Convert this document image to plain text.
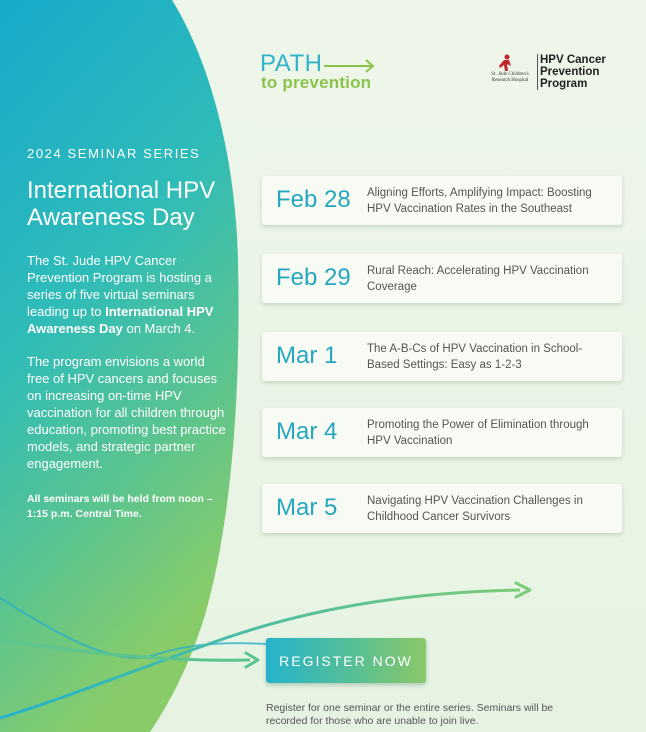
PATH
to prevention	St. Jude Children's Research Hospital
HPV Cancer
Prevention
Program
2024 SEMINAR SERIES
International HPV Awareness Day
The St. Jude HPV Cancer Prevention Program is hosting a series of five virtual seminars leading up to International HPV Awareness Day on March 4.
The program envisions a world free of HPV cancers and focuses on increasing on-time HPV vaccination for all children through education, promoting best practice models, and strategic partner engagement.
All seminars will be held from noon – 1:15 p.m. Central Time.
Feb 28 Aligning Efforts, Amplifying Impact: Boosting HPV Vaccination Rates in the Southeast
Feb 29 Rural Reach: Accelerating HPV Vaccination Coverage
Mar 1	The A-B-Cs of HPV Vaccination in School-Based Settings: Easy as 1-2-3
Mar 4	Promoting the Power of Elimination through HPV Vaccination
Mar 5	Navigating HPV Vaccination Challenges in Childhood Cancer Survivors
REGISTER NOW
Register for one seminar or the entire series. Seminars will be recorded for those who are unable to join live.
